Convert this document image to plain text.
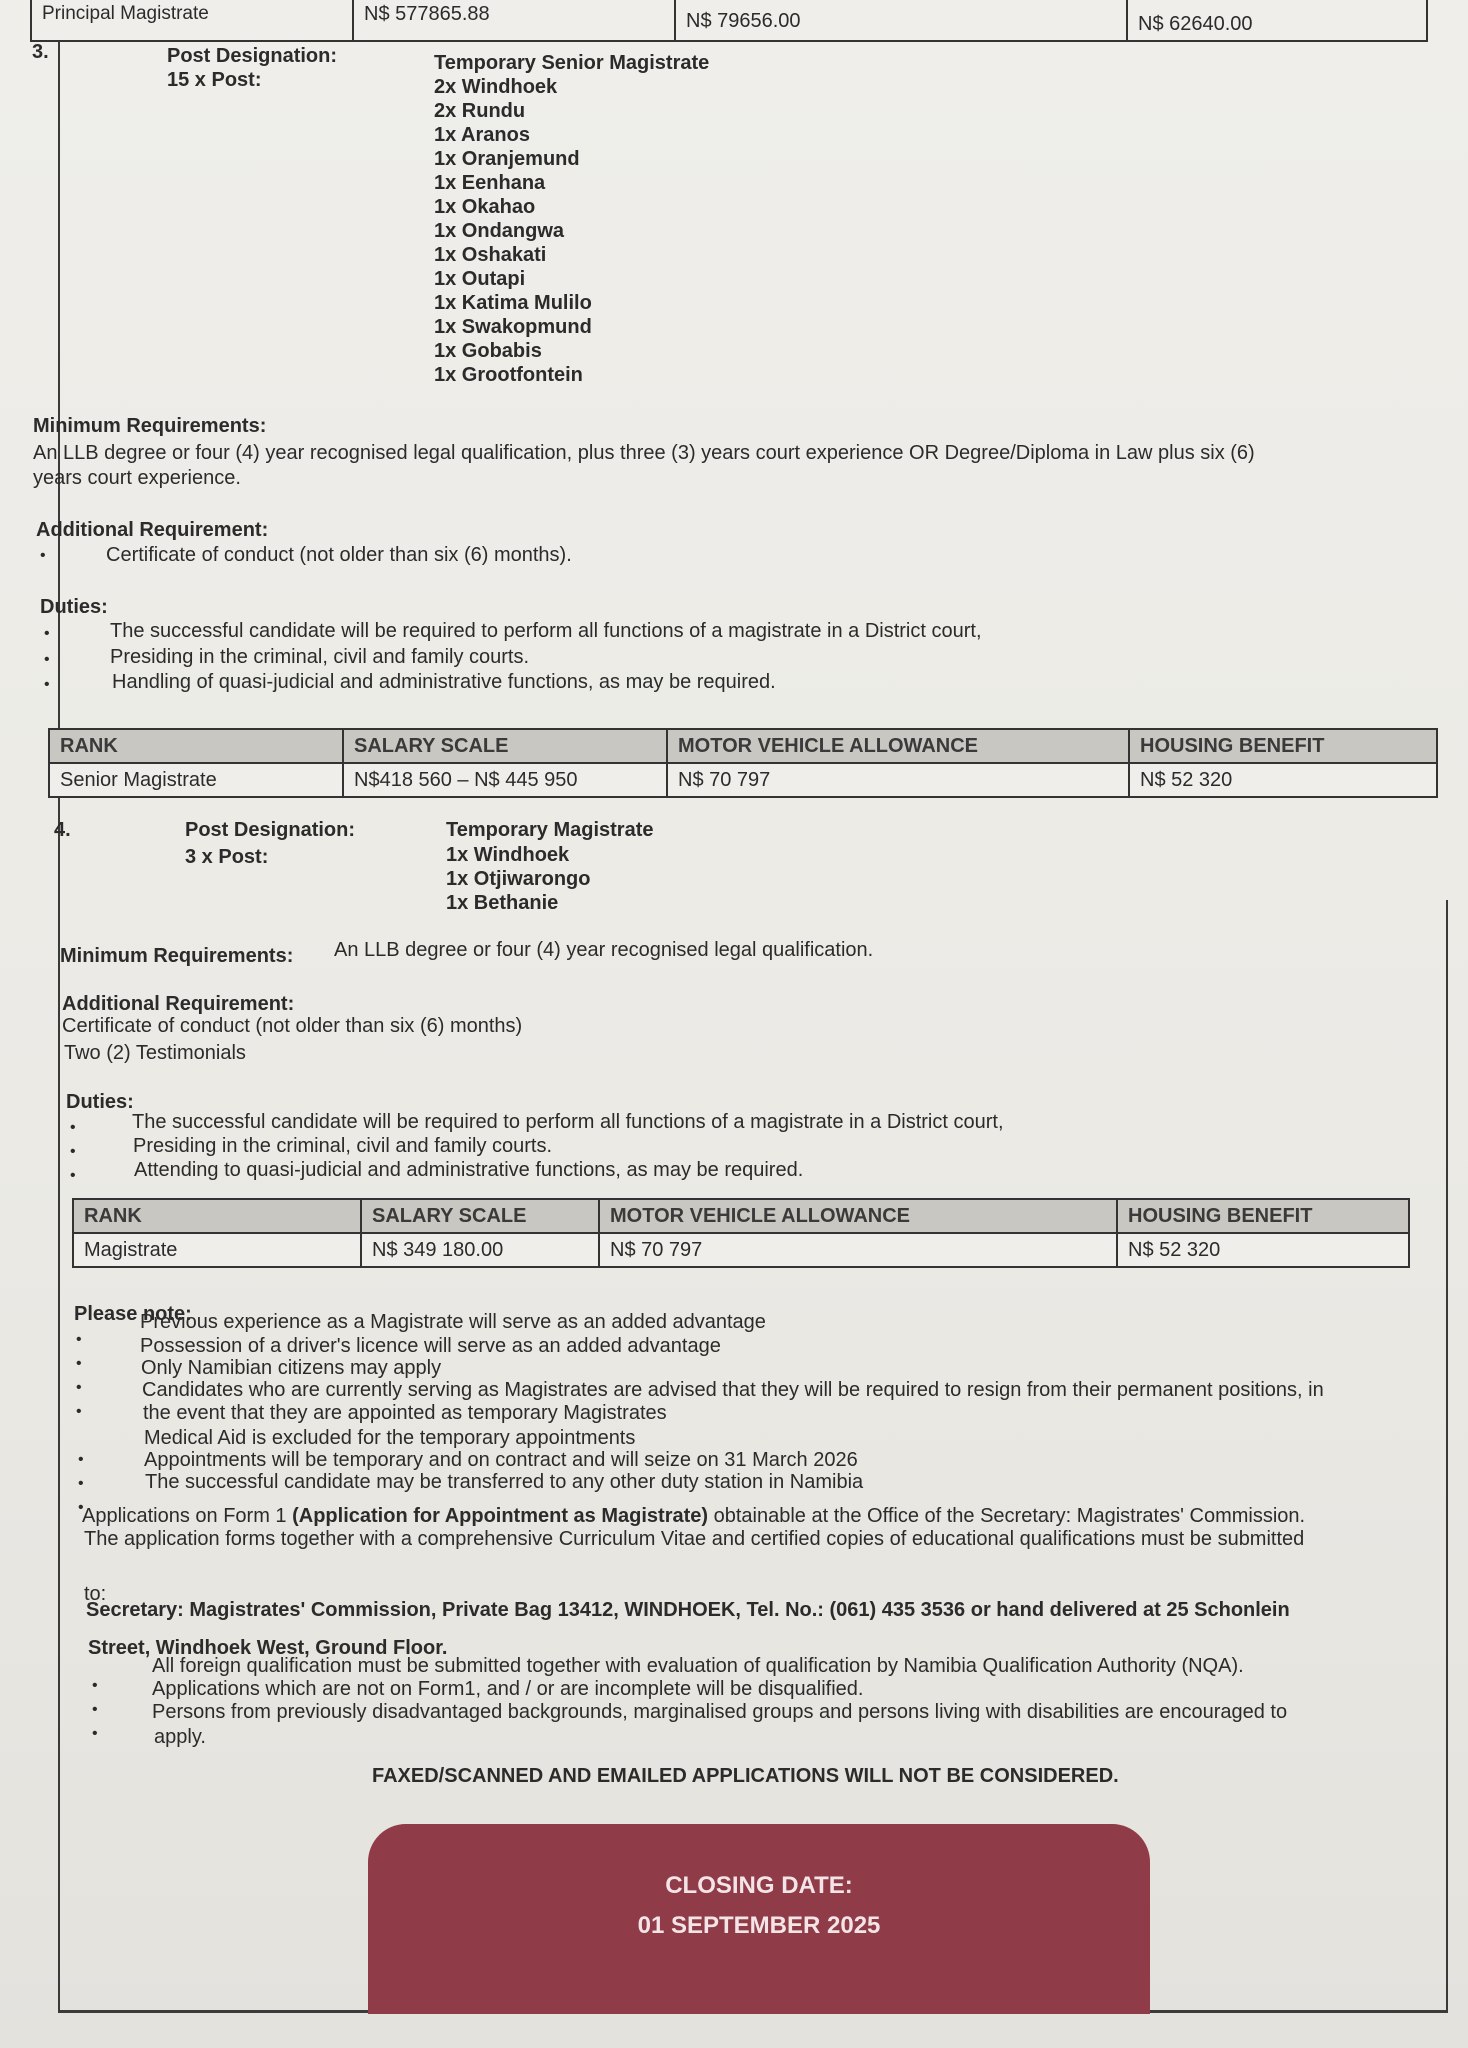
Principal Magistrate	N$ 577865.88	N$ 79656.00	N$ 62640.00
3.	Post Designation:
15 x Post:
Temporary Senior Magistrate
2x Windhoek
2x Rundu
1x Aranos
1x Oranjemund
1x Eenhana
1x Okahao
1x Ondangwa
1x Oshakati
1x Outapi
1x Katima Mulilo
1x Swakopmund
1x Gobabis
1x Grootfontein
Minimum Requirements:
An LLB degree or four (4) year recognised legal qualification, plus three (3) years court experience OR Degree/Diploma in Law plus six (6)
years court experience.
Additional Requirement:
•	Certificate of conduct (not older than six (6) months).
Duties:
•	The successful candidate will be required to perform all functions of a magistrate in a District court,
•	Presiding in the criminal, civil and family courts.
•	Handling of quasi-judicial and administrative functions, as may be required.
RANK	SALARY SCALE	MOTOR VEHICLE ALLOWANCE	HOUSING BENEFIT
Senior Magistrate	N$418 560 – N$ 445 950	N$ 70 797	N$ 52 320
4.	Post Designation:
3 x Post:
Temporary Magistrate
1x Windhoek
1x Otjiwarongo
1x Bethanie
Minimum Requirements: An LLB degree or four (4) year recognised legal qualification.
Additional Requirement:
Certificate of conduct (not older than six (6) months)
Two (2) Testimonials
Duties:
•	The successful candidate will be required to perform all functions of a magistrate in a District court,
•	Presiding in the criminal, civil and family courts.
•	Attending to quasi-judicial and administrative functions, as may be required.
RANK	SALARY SCALE	MOTOR VEHICLE ALLOWANCE	HOUSING BENEFIT
Magistrate	N$ 349 180.00	N$ 70 797	N$ 52 320
Please note:
•
Previous experience as a Magistrate will serve as an added advantage
•
Possession of a driver's licence will serve as an added advantage
•
Only Namibian citizens may apply
•
Candidates who are currently serving as Magistrates are advised that they will be required to resign from their permanent positions, in
the event that they are appointed as temporary Magistrates
•
Medical Aid is excluded for the temporary appointments
•
Appointments will be temporary and on contract and will seize on 31 March 2026
•
The successful candidate may be transferred to any other duty station in Namibia
Applications on Form 1 (Application for Appointment as Magistrate) obtainable at the Office of the Secretary: Magistrates' Commission.
The application forms together with a comprehensive Curriculum Vitae and certified copies of educational qualifications must be submitted
to:
Secretary: Magistrates' Commission, Private Bag 13412, WINDHOEK, Tel. No.: (061) 435 3536 or hand delivered at 25 Schonlein
Street, Windhoek West, Ground Floor.
•
All foreign qualification must be submitted together with evaluation of qualification by Namibia Qualification Authority (NQA).
•
Applications which are not on Form1, and / or are incomplete will be disqualified.
•
Persons from previously disadvantaged backgrounds, marginalised groups and persons living with disabilities are encouraged to
apply.
FAXED/SCANNED AND EMAILED APPLICATIONS WILL NOT BE CONSIDERED.
CLOSING DATE:
01 SEPTEMBER 2025
